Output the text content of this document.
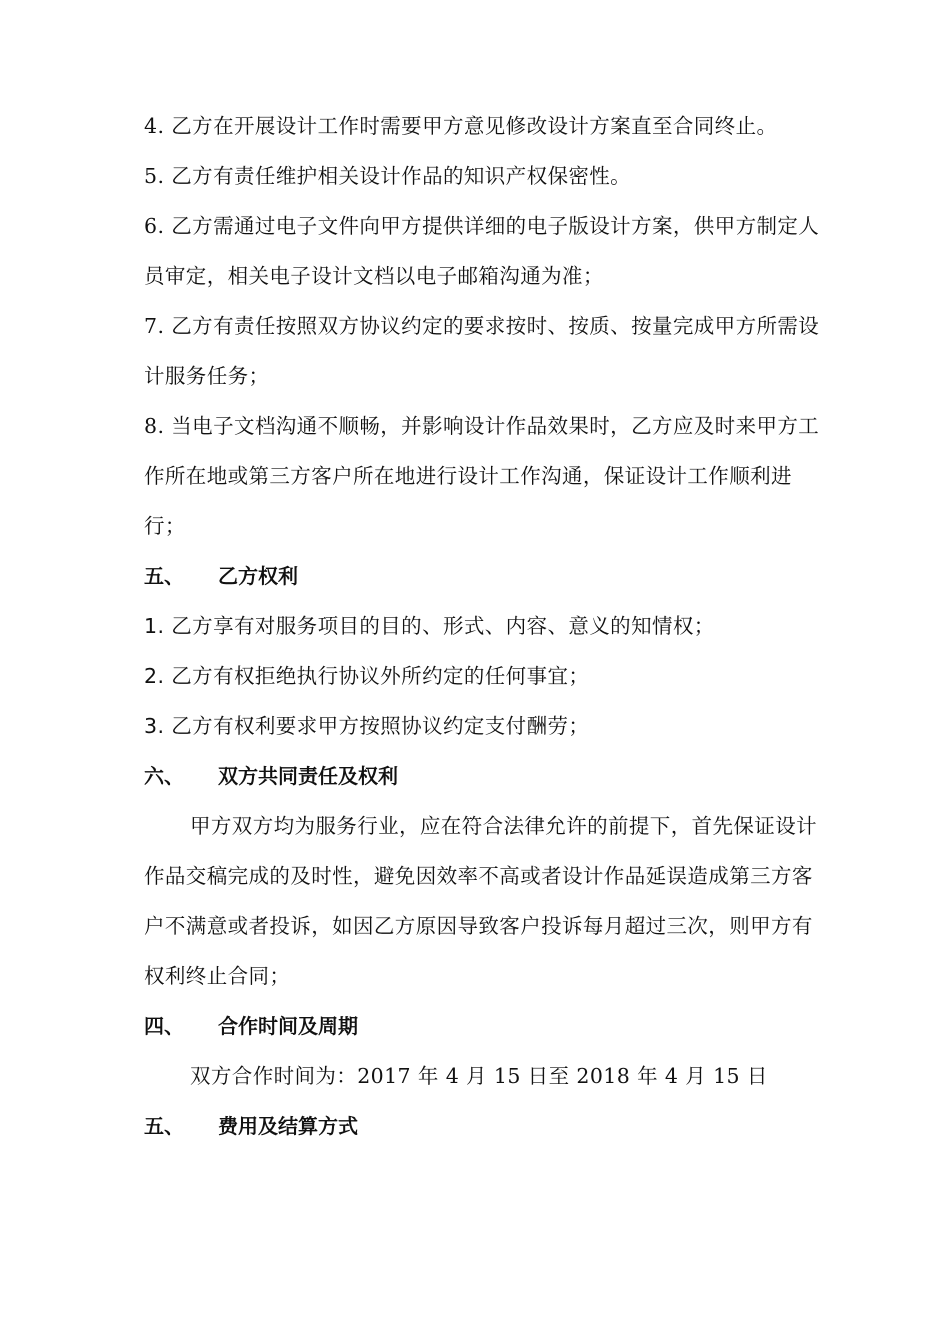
4. 乙方在开展设计工作时需要甲方意见修改设计方案直至合同终止。

5. 乙方有责任维护相关设计作品的知识产权保密性。

6. 乙方需通过电子文件向甲方提供详细的电子版设计方案，供甲方制定人员审定，相关电子设计文档以电子邮箱沟通为准；

7. 乙方有责任按照双方协议约定的要求按时、按质、按量完成甲方所需设计服务任务；

8. 当电子文档沟通不顺畅，并影响设计作品效果时，乙方应及时来甲方工作所在地或第三方客户所在地进行设计工作沟通，保证设计工作顺利进行；

五、	乙方权利

1. 乙方享有对服务项目的目的、形式、内容、意义的知情权；

2. 乙方有权拒绝执行协议外所约定的任何事宜；

3. 乙方有权利要求甲方按照协议约定支付酬劳；

六、	双方共同责任及权利

甲方双方均为服务行业，应在符合法律允许的前提下，首先保证设计作品交稿完成的及时性，避免因效率不高或者设计作品延误造成第三方客户不满意或者投诉，如因乙方原因导致客户投诉每月超过三次，则甲方有权利终止合同；

四、	合作时间及周期

双方合作时间为：2017 年 4 月 15 日至 2018 年 4 月 15 日

五、	费用及结算方式
